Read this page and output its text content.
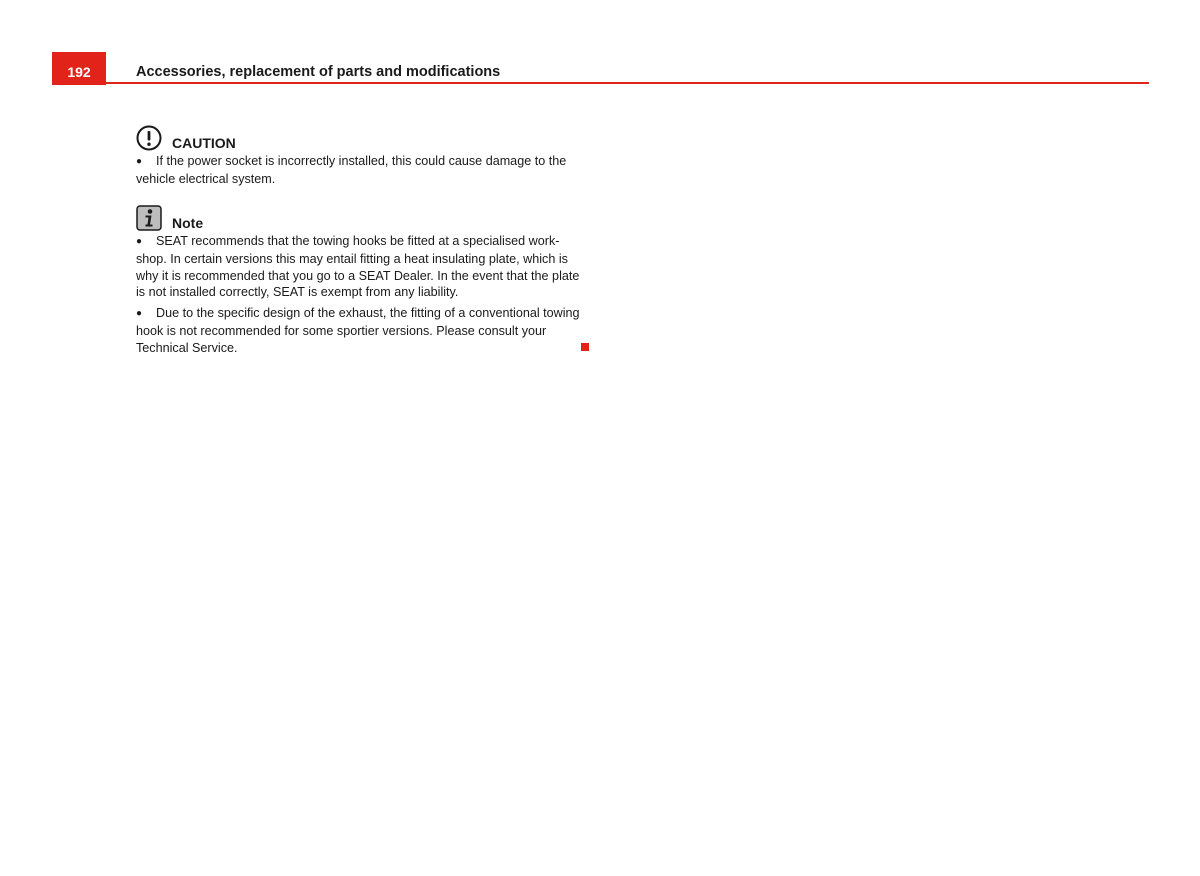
192	Accessories, replacement of parts and modifications
CAUTION

● If the power socket is incorrectly installed, this could cause damage to the vehicle electrical system.

Note

● SEAT recommends that the towing hooks be fitted at a specialised work-shop. In certain versions this may entail fitting a heat insulating plate, which is why it is recommended that you go to a SEAT Dealer. In the event that the plate is not installed correctly, SEAT is exempt from any liability.

● Due to the specific design of the exhaust, the fitting of a conventional towing hook is not recommended for some sportier versions. Please consult your Technical Service.
